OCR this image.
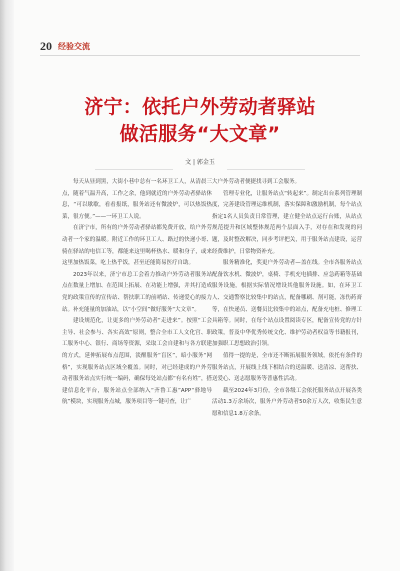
20 经验交流
济宁：依托户外劳动者驿站
做活服务“大文章”
文 | 郭金玉

每天从昼到黑，大街小巷中总有一名环卫工人，从清晨三点，随着气温升高，工作之余，他到就近的户外劳动者驿站休息，“可以歇歇，看看报纸，服务站还有微波炉，可以热饭热菜，很方便。”——一环卫工人说。

在济宁市，所有的户外劳动者驿站都免费开放，给户外劳动者一个家的温暖。附近工作的环卫工人、路过的快递小哥、骑在驿站的电信工等，都能来这里喝杯热水、暖和身子，或来这里加热饭菜，吃上热乎饭，甚至还能简易医疗自助。

2023年以来，济宁市总工会着力推动户外劳动者服务站点在数量上增加、在范围上拓展、在功能上增强，并其打造成党的政策宣传的宣传站、帮扶职工的前哨站、传递爱心的接力站。补充能量的加油站，以“小空间”做好服务“大文章”。

建设规范化，让更多的户外劳动者“走进来”。按照“工会主导、社会参与、各实高效”原则，整合全市工人文化宫、职工服务中心、银行、商场等资源，采取工会自建和与各方联建的方式，延伸拓展布点范围，淡醒服务“盲区”，暗小服务“网格”，实现服务站点区域全覆盖。同时，对已经建成的户外劳动者服务站点实行统一编码，确保每处站点都“有名有姓”，搭建信息化平台，服务站点全部纳入“齐鲁工惠”APP“驿地导航”模块，实现服务点城，服务项目等一键可查，让广

大户外劳动者便捷找寻到工会服务。

管理专业化，让服务站点“转起来”。制定出台系列管理制度，完善建设管理运维机制，落实保障和激励机制，每个站点指定1名人员负责日常管理，建立健全站点运行台账，从站点规范提升和区域整体规范两个层面入手，对存在和发现的问题，及时整改解决，同步考评把关，用于服务站点建设，运营经费维护，日常物资补充。

服务精准化，奖更户外劳动者—盖在线。全市各服务站点配备饮水机、微波炉，桌椅、手机充电插排、应急药箱等基础服务设施，根据实际情况增设其他服务设施。如，在环卫工人、交通警察比较集中的站点，配备哪刷、剂可能，冻伤药膏等，在快递员、送餐员比较集中的站点，配备充电桩、修理工具箱等。同时，在每个站点设置阅读专区，配备宣传党的方针政策，普及中华优秀传统文化、维护劳动者权益等书籍报刊，加强职工思想政治引领。

值得一提的是，全市还不断拓展服务领域，依托有条件的服务站点，开展线上线下相结合的送温暖、送清凉、送帮扶、送爱心、送志愿服务等普惠性活动。

截至2024年3月份，全市各级工会依托服务站点开展各类活动1.3万余场次，服务户外劳动者50余万人次，收集民生意愿和信息1.8万余条。
